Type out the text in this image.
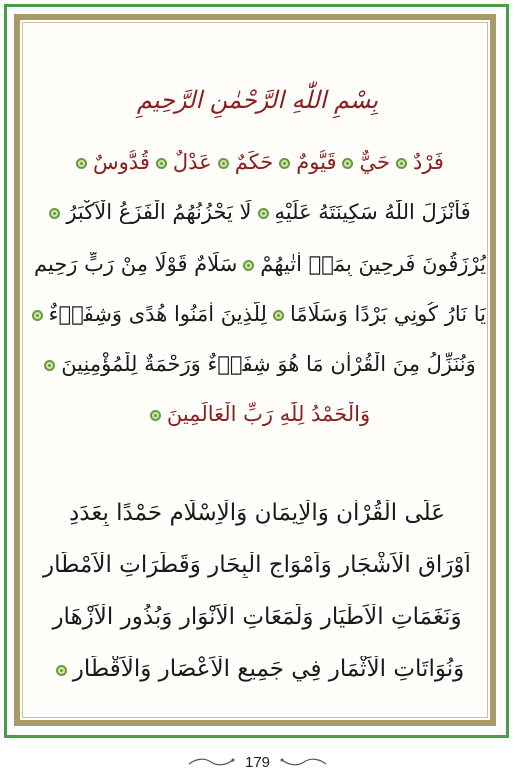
بِسْمِ اللّٰهِ الرَّحْمٰنِ الرَّحِيمِ
فَرْدٌحَيٌّقَيُّومٌحَكَمٌعَدْلٌقُدُّوسٌ
فَأَنْزَلَ اللّٰهُ سَكِينَتَهُ عَلَيْهِلَا يَحْزُنُهُمُ الْفَزَعُ الْاَكْبَرُ
يُرْزَقُونَ فَرِحِينَ بِمَاۤ اٰتٰيهُمْسَلَامٌ قَوْلًا مِنْ رَبٍّ رَحِيمٍ
يَا نَارُ كُونِي بَرْدًا وَسَلَامًالِلَّذِينَ اٰمَنُوا هُدًى وَشِفَاۤءٌ
وَنُنَزِّلُ مِنَ الْقُرْاٰنِ مَا هُوَ شِفَاۤءٌ وَرَحْمَةٌ لِلْمُؤْمِنِينَ
وَالْحَمْدُ لِلّٰهِ رَبِّ الْعَالَمِينَ
عَلَى الْقُرْاٰنِ وَالْاِيمَانِ وَالْاِسْلَامِ حَمْدًا بِعَدَدِ
اَوْرَاقِ الْاَشْجَارِ وَاَمْوَاجِ الْبِحَارِ وَقَطَرَاتِ الْاَمْطَارِ
وَنَغَمَاتِ الْاَطْيَارِ وَلَمَعَاتِ الْاَنْوَارِ وَبُذُورِ الْاَزْهَارِ
وَنُوَاتَاتِ الْاَثْمَارِ فِي جَمِيعِ الْاَعْصَارِ وَالْاَقْطَارِ
179
